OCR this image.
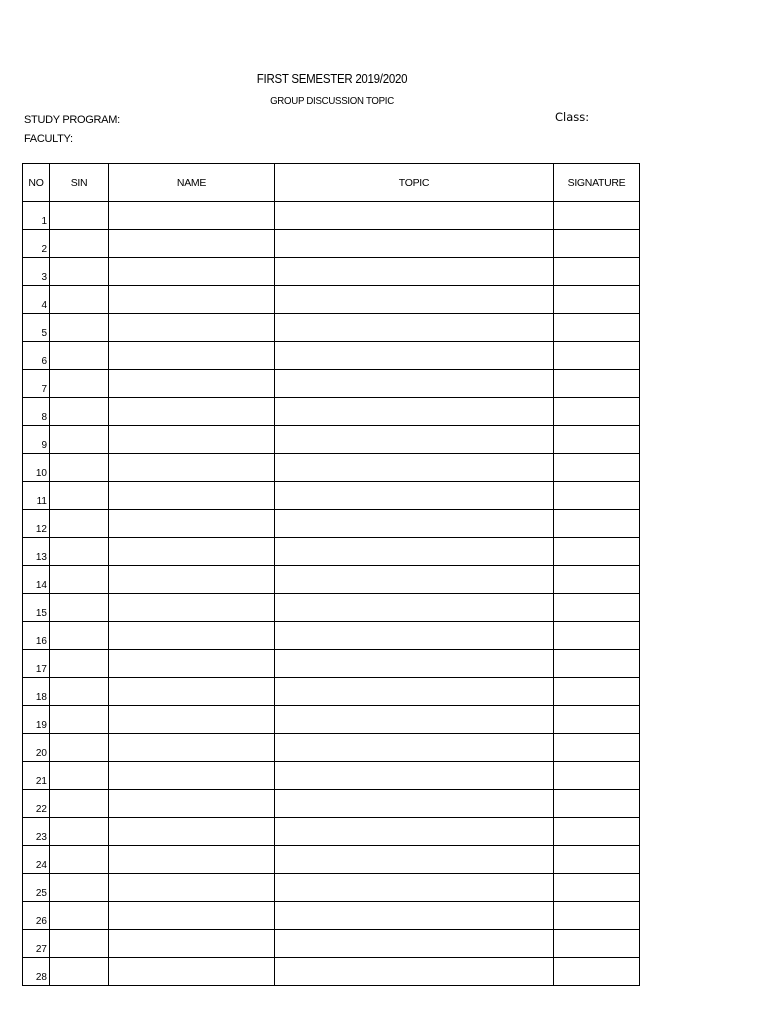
FIRST SEMESTER 2019/2020
GROUP DISCUSSION TOPIC
STUDY PROGRAM:
FACULTY:
Class:
NO	SIN	NAME	TOPIC	SIGNATURE
1				
2				
3				
4				
5				
6				
7				
8				
9				
10				
11				
12				
13				
14				
15				
16				
17				
18				
19				
20				
21				
22				
23				
24				
25				
26				
27				
28				
